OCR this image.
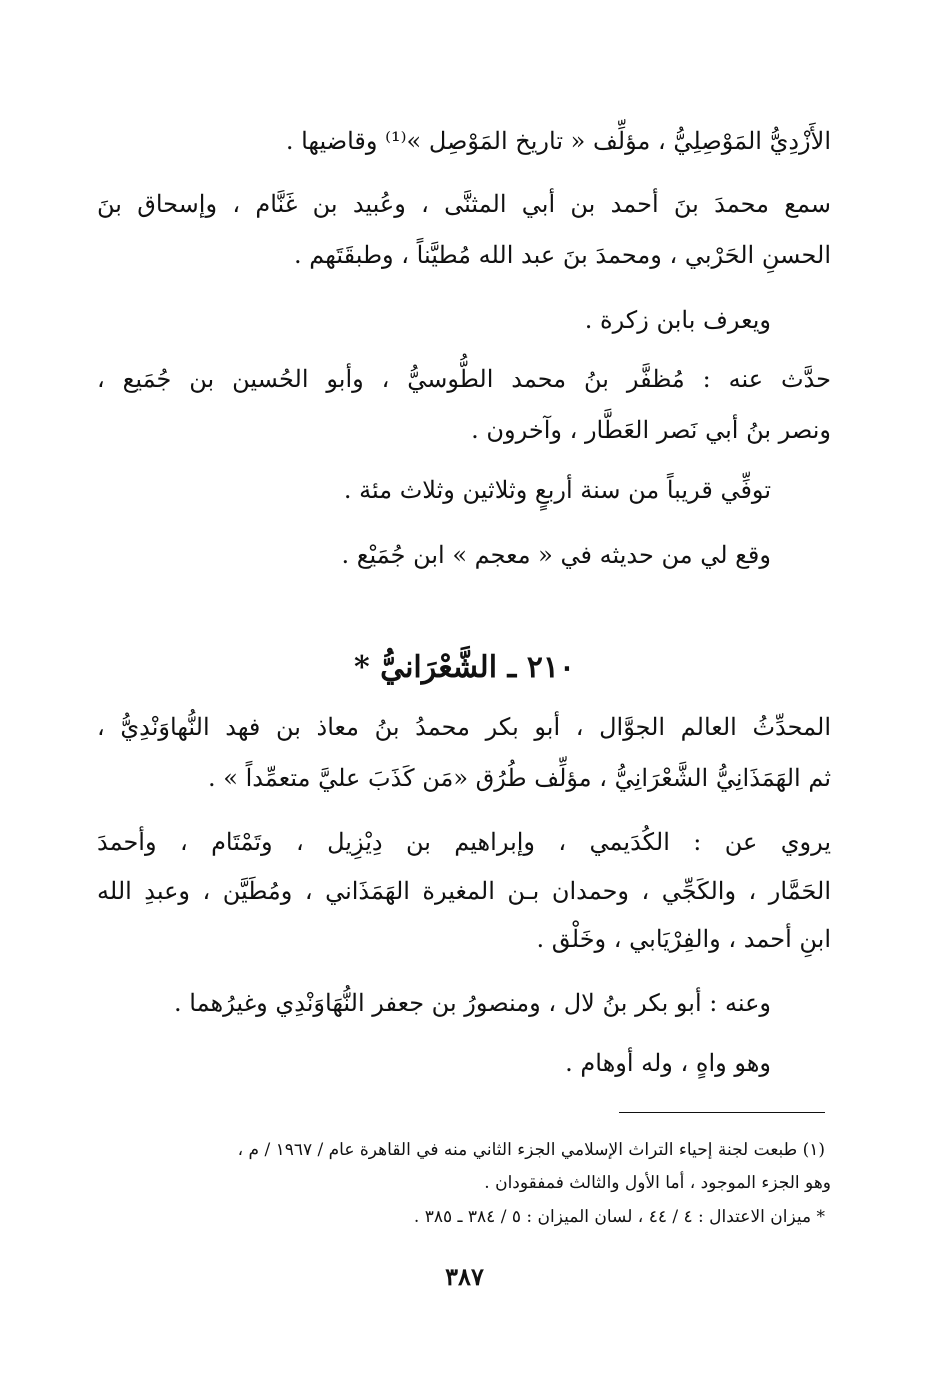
الأَزْدِيُّ المَوْصِلِيُّ ، مؤلِّف « تاريخ المَوْصِل »⁽¹⁾ وقاضيها .
سمع محمدَ بنَ أحمد بن أبي المثنَّى ، وعُبيد بن غَنَّام ، وإسحاق بنَ
الحسنِ الحَرْبي ، ومحمدَ بنَ عبد الله مُطيَّناً ، وطبقَتَهم .
ويعرف بابن زكرة .
حدَّث عنه : مُظفَّر بنُ محمد الطُّوسيُّ ، وأبو الحُسين بن جُمَيع ،
ونصر بنُ أبي نَصر العَطَّار ، وآخرون .
توفِّي قريباً من سنة أربعٍ وثلاثين وثلاث مئة .
وقع لي من حديثه في « معجم » ابن جُمَيْع .
٢١٠ ـ الشَّعْرَانيُّ *
المحدِّثُ العالم الجوَّال ، أبو بكر محمدُ بنُ معاذ بن فهد النُّهاوَنْدِيُّ ،
ثم الهَمَذَانِيُّ الشَّعْرَانِيُّ ، مؤلِّف طُرُق «مَن كَذَبَ عليَّ متعمِّداً » .
يروي عن : الكُدَيمي ، وإبراهيم بن دِيْزِيل ، وتَمْتَام ، وأحمدَ
الحَمَّار ، والكَجِّي ، وحمدان بـن المغيرة الهَمَذَاني ، ومُطَيَّن ، وعبدِ الله
ابنِ أحمد ، والفِرْيَابي ، وخَلْق .
وعنه : أبو بكر بنُ لال ، ومنصورُ بن جعفر النُّهَاوَنْدِي وغيرُهما .
وهو واهٍ ، وله أوهام .
(١) طبعت لجنة إحياء التراث الإسلامي الجزء الثاني منه في القاهرة عام / ١٩٦٧ / م ،
وهو الجزء الموجود ، أما الأول والثالث فمفقودان .
* ميزان الاعتدال : ٤ / ٤٤ ، لسان الميزان : ٥ / ٣٨٤ ـ ٣٨٥ .
٣٨٧
